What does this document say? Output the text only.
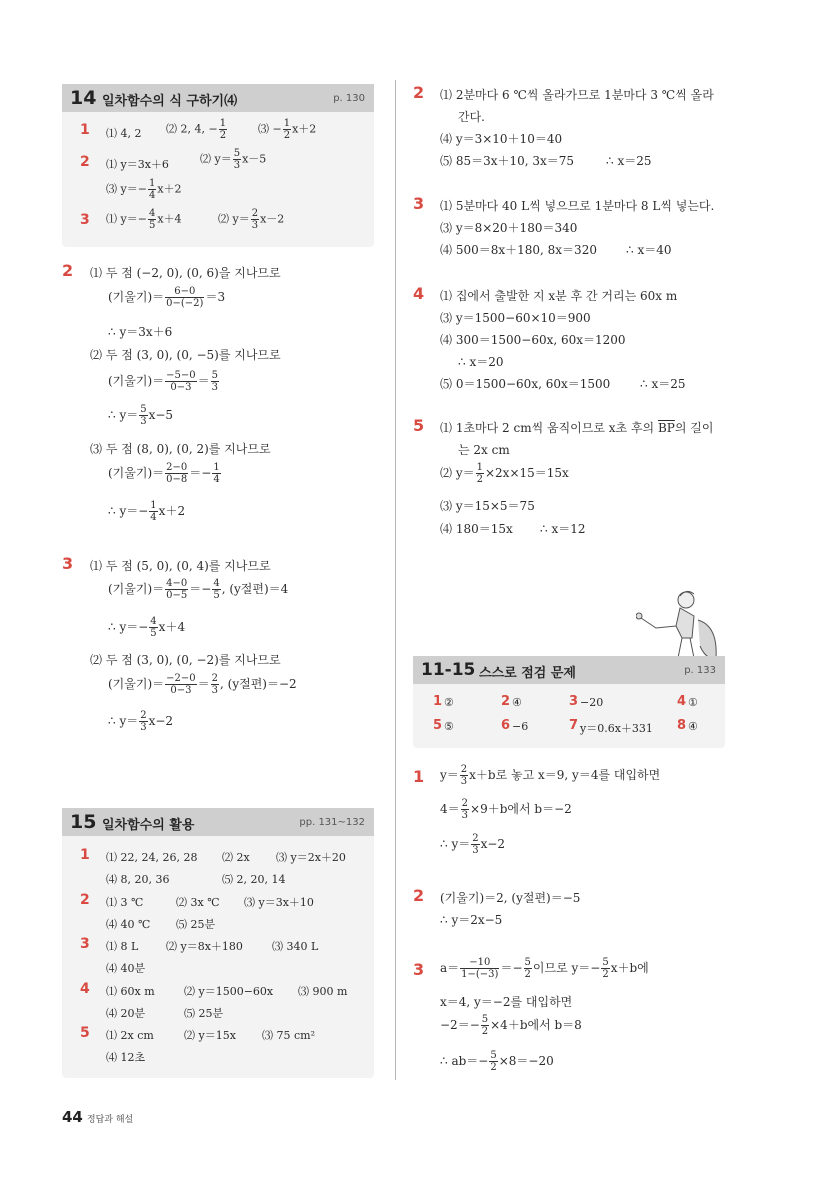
14 일차함수의 식 구하기⑷	p. 130
1 ⑴ 4, 2 ⑵ 2, 4, − $\frac{1}{2}$	⑶ − $\frac{1}{2} x+2$
2 ⑴ y＝3x＋6	⑵ $y= \frac{5}{3} x-5$
⑶ $y=- \frac{1}{4} x+2$
3 ⑴ $y=- \frac{4}{5} x+4$	⑵ $y= \frac{2}{3} x-2$
2 ⑴ 두 점 (−2, 0), (0, 6)을 지나므로
(기울기)＝ $\frac{6-0}{0-(-2)} =3$
∴ y＝3x＋6
⑵ 두 점 (3, 0), (0, −5)를 지나므로
(기울기)＝ $\frac{-5-0}{0-3} = \frac{5}{3}$
∴ $y= \frac{5}{3} x-5$
⑶ 두 점 (8, 0), (0, 2)를 지나므로
(기울기)＝ $\frac{2-0}{0-8} =- \frac{1}{4}$
∴ $y=- \frac{1}{4} x+2$
3 ⑴ 두 점 (5, 0), (0, 4)를 지나므로
(기울기)＝ $\frac{4-0}{0-5} =- \frac{4}{5}$ , (y절편)＝4
∴ $y=- \frac{4}{5} x+4$
⑵ 두 점 (3, 0), (0, −2)를 지나므로
(기울기)＝ $\frac{-2-0}{0-3} = \frac{2}{3}$ , (y절편)＝−2
∴ $y= \frac{2}{3} x-2$
15 일차함수의 활용	pp. 131~132
1 ⑴ 22, 24, 26, 28 ⑵ 2x ⑶ y＝2x＋20
⑷ 8, 20, 36	⑸ 2, 20, 14
2 ⑴ 3 ℃	⑵ 3x ℃ ⑶ y＝3x＋10
⑷ 40 ℃ ⑸ 25분
3 ⑴ 8 L	⑵ y＝8x＋180	⑶ 340 L
⑷ 40분
4 ⑴ 60x m	⑵ y＝1500−60x ⑶ 900 m
⑷ 20분	⑸ 25분
5 ⑴ 2x cm	⑵ y＝15x ⑶ 75 cm²
⑷ 12초
2 ⑴ 2분마다 6 ℃씩 올라가므로 1분마다 3 ℃씩 올라
간다.
⑷ y＝3×10＋10＝40
⑸ 85＝3x＋10, 3x＝75	∴ x＝25
3 ⑴ 5분마다 40 L씩 넣으므로 1분마다 8 L씩 넣는다.
⑶ y＝8×20＋180＝340
⑷ 500＝8x＋180, 8x＝320 ∴ x＝40
4 ⑴ 집에서 출발한 지 x분 후 간 거리는 60x m
⑶ y＝1500−60×10＝900
⑷ 300＝1500−60x, 60x＝1200
∴ x＝20
⑸ 0＝1500−60x, 60x＝1500 ∴ x＝25
5 ⑴ 1초마다 2 cm씩 움직이므로 x초 후의 $\overline{BP}$의 길이
는 2x cm
⑵ $y= \frac{1}{2} \times 2x\times 15=15x$
⑶ y＝15×5＝75
⑷ 180＝15x ∴ x＝12
11-15 스스로 점검 문제	p. 133
1 ②	2 ④	3 −20	4 ①
5 ⑤	6 −6	7 y＝0.6x＋331 8 ④
1 $y= \frac{2}{3} x+b$로 놓고 x＝9, y＝4를 대입하면
$4= \frac{2}{3} \times 9+b$에서 b＝−2
∴ $y= \frac{2}{3} x-2$
2 (기울기)＝2, (y절편)＝−5
∴ y＝2x−5
3 $a= \frac{-10}{1-(-3)} =- \frac{5}{2}$ 이므로 $y=- \frac{5}{2} x+b$에
x＝4, y＝−2를 대입하면
$-2=- \frac{5}{2} \times 4+b$에서 b＝8
∴ $ab=- \frac{5}{2} \times 8=-20$
44 정답과 해설
